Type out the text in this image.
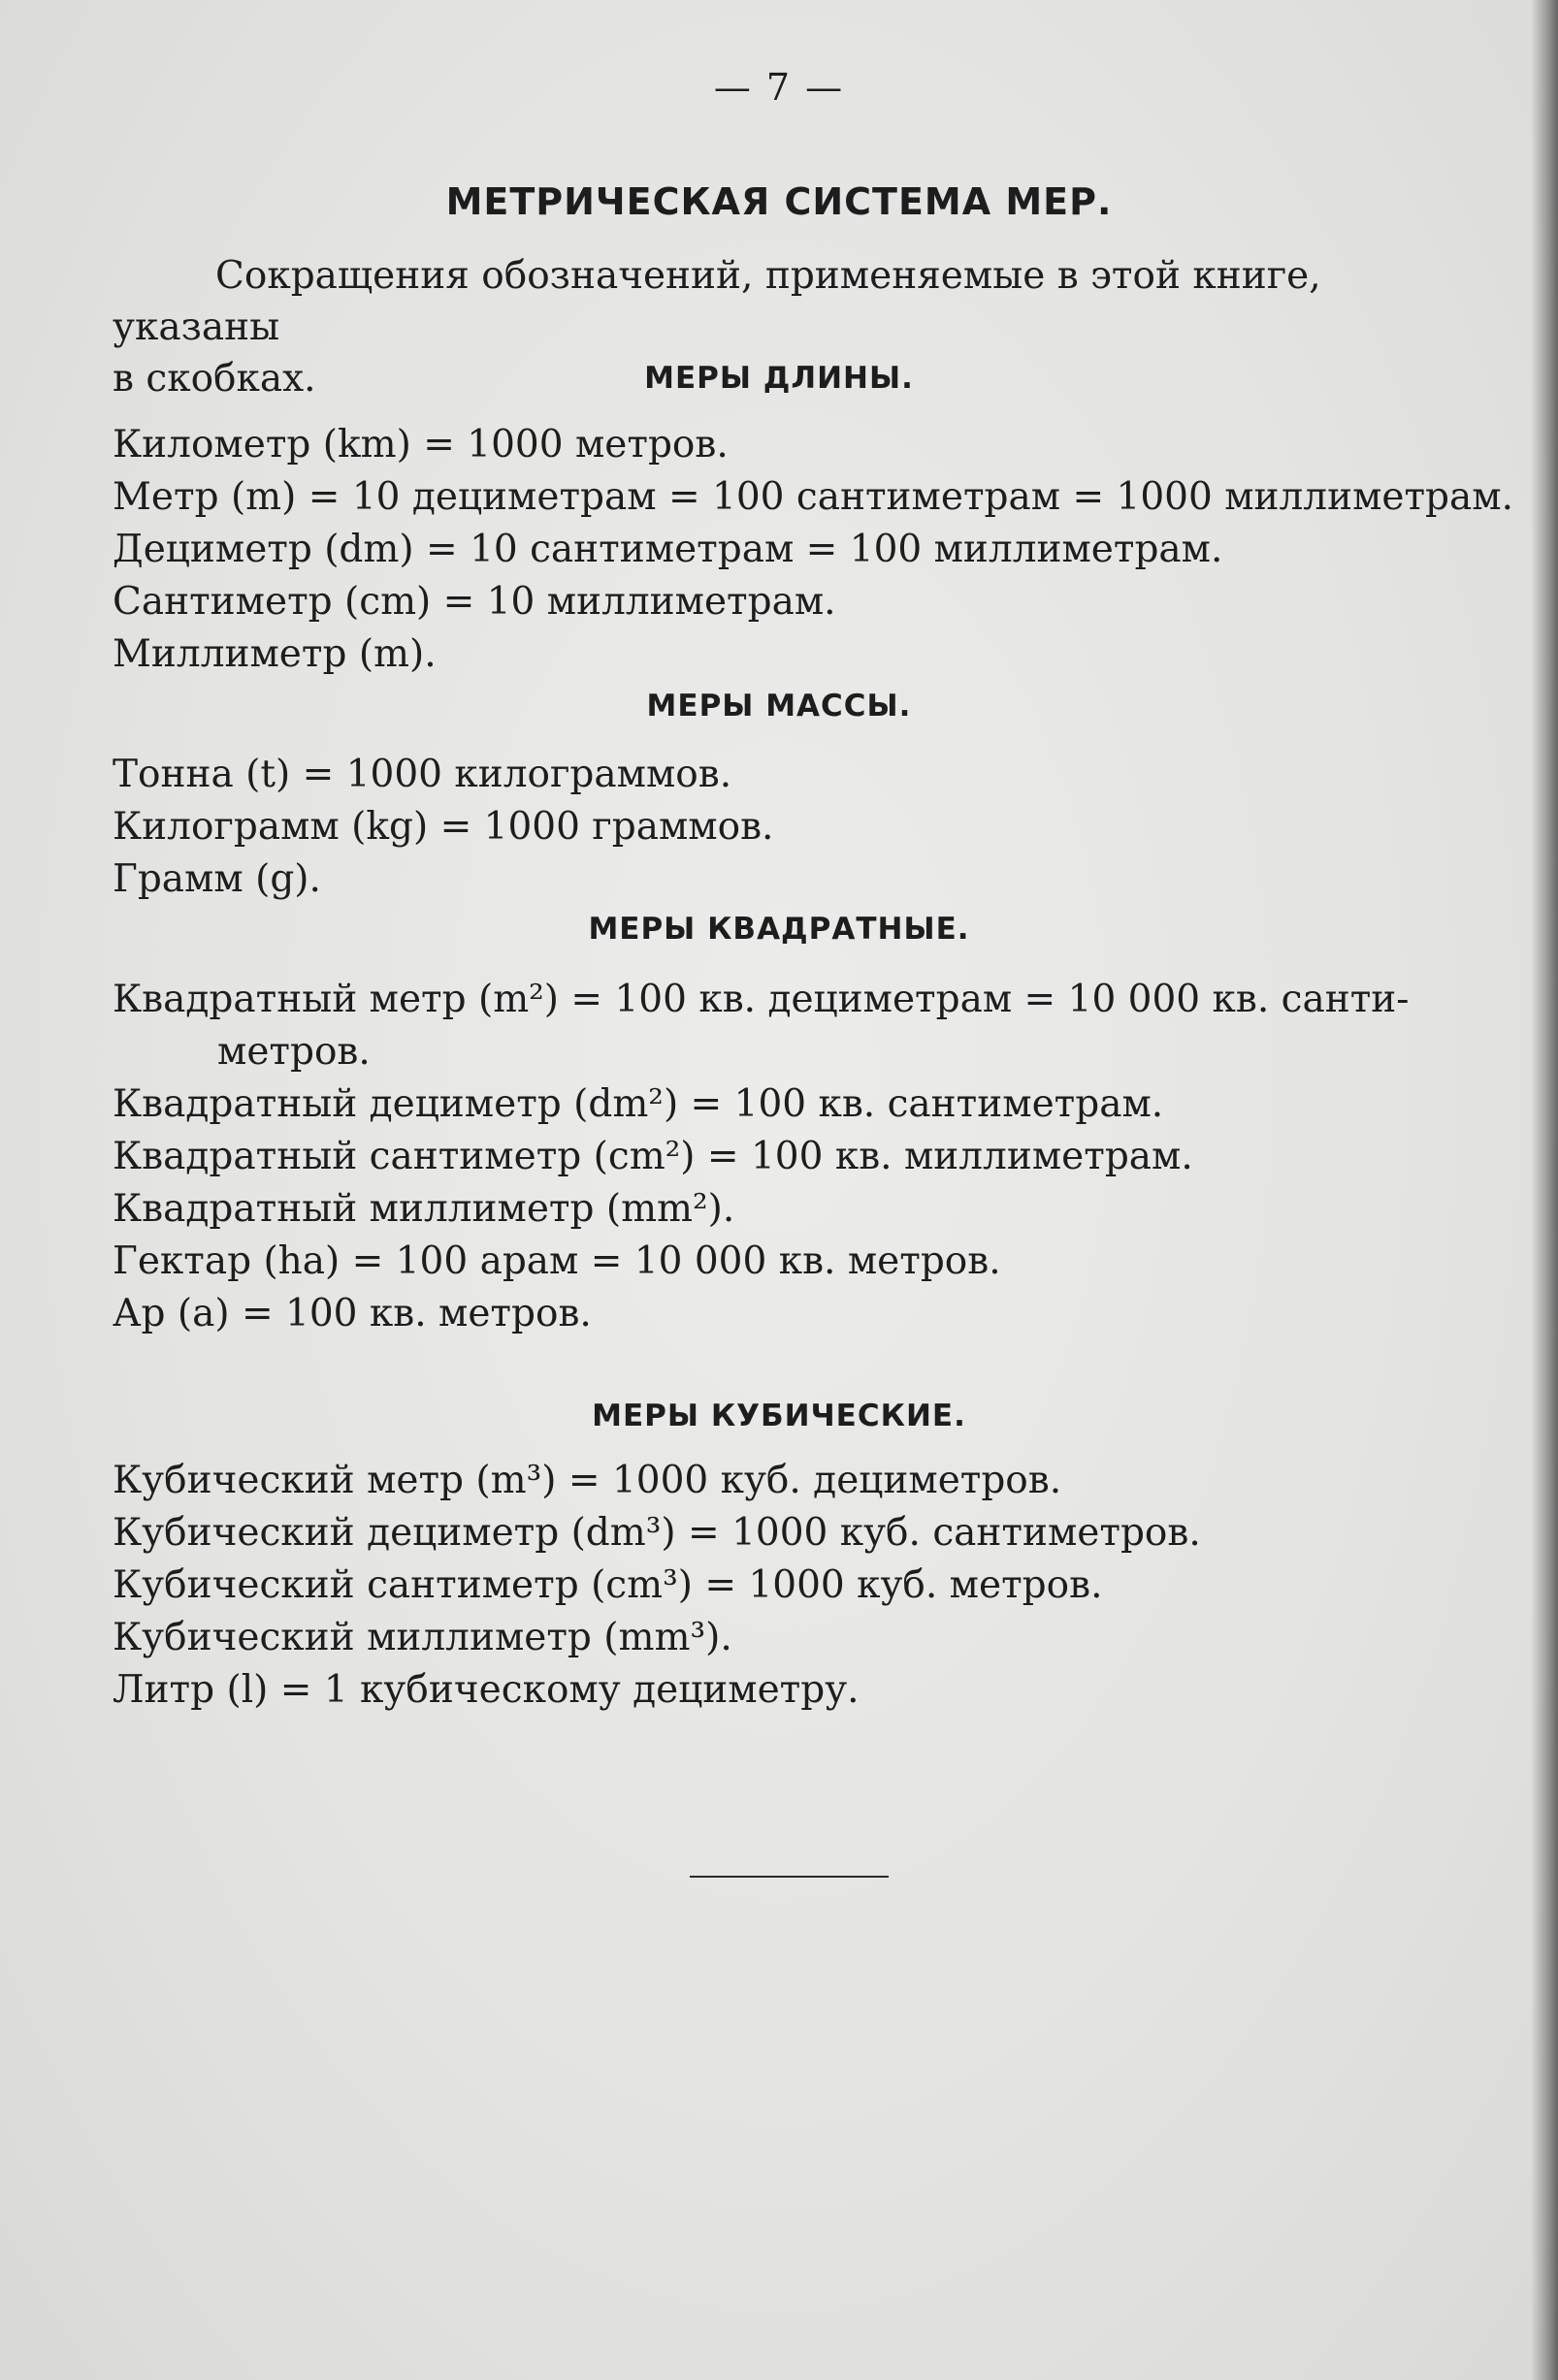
— 7 —
МЕТРИЧЕСКАЯ СИСТЕМА МЕР.
Сокращения обозначений, применяемые в этой книге, указаны
в скобках.	МЕРЫ ДЛИНЫ.
Километр (km) = 1000 метров.
Метр (m) = 10 дециметрам = 100 сантиметрам = 1000 миллиметрам.
Дециметр (dm) = 10 сантиметрам = 100 миллиметрам.
Сантиметр (cm) = 10 миллиметрам.
Миллиметр (m).
МЕРЫ МАССЫ.
Тонна (t) = 1000 килограммов.
Килограмм (kg) = 1000 граммов.
Грамм (g).
МЕРЫ КВАДРАТНЫЕ.
Квадратный метр (m²) = 100 кв. дециметрам = 10 000 кв. санти-
метров.
Квадратный дециметр (dm²) = 100 кв. сантиметрам.
Квадратный сантиметр (cm²) = 100 кв. миллиметрам.
Квадратный миллиметр (mm²).
Гектар (ha) = 100 арам = 10 000 кв. метров.
Ар (a) = 100 кв. метров.
МЕРЫ КУБИЧЕСКИЕ.
Кубический метр (m³) = 1000 куб. дециметров.
Кубический дециметр (dm³) = 1000 куб. сантиметров.
Кубический сантиметр (cm³) = 1000 куб. метров.
Кубический миллиметр (mm³).
Литр (l) = 1 кубическому дециметру.
